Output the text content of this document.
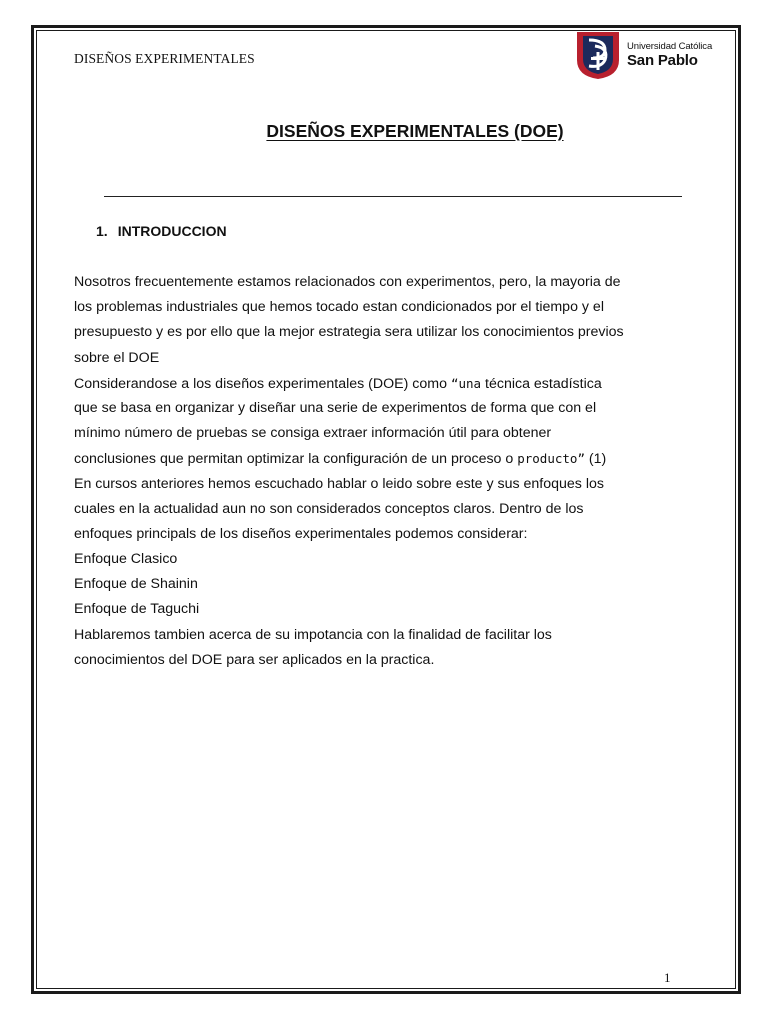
DISEÑOS EXPERIMENTALES
Universidad Católica
San Pablo
DISEÑOS EXPERIMENTALES (DOE)
1. INTRODUCCION
Nosotros frecuentemente estamos relacionados con experimentos, pero, la mayoria de
los problemas industriales que hemos tocado estan condicionados por el tiempo y el
presupuesto y es por ello que la mejor estrategia sera utilizar los conocimientos previos
sobre el DOE
Considerandose a los diseños experimentales (DOE) como “una técnica estadística
que se basa en organizar y diseñar una serie de experimentos de forma que con el
mínimo número de pruebas se consiga extraer información útil para obtener
conclusiones que permitan optimizar la configuración de un proceso o producto” (1)
En cursos anteriores hemos escuchado hablar o leido sobre este y sus enfoques los
cuales en la actualidad aun no son considerados conceptos claros. Dentro de los
enfoques principals de los diseños experimentales podemos considerar:
Enfoque Clasico
Enfoque de Shainin
Enfoque de Taguchi
Hablaremos tambien acerca de su impotancia con la finalidad de facilitar los
conocimientos del DOE para ser aplicados en la practica.
1
